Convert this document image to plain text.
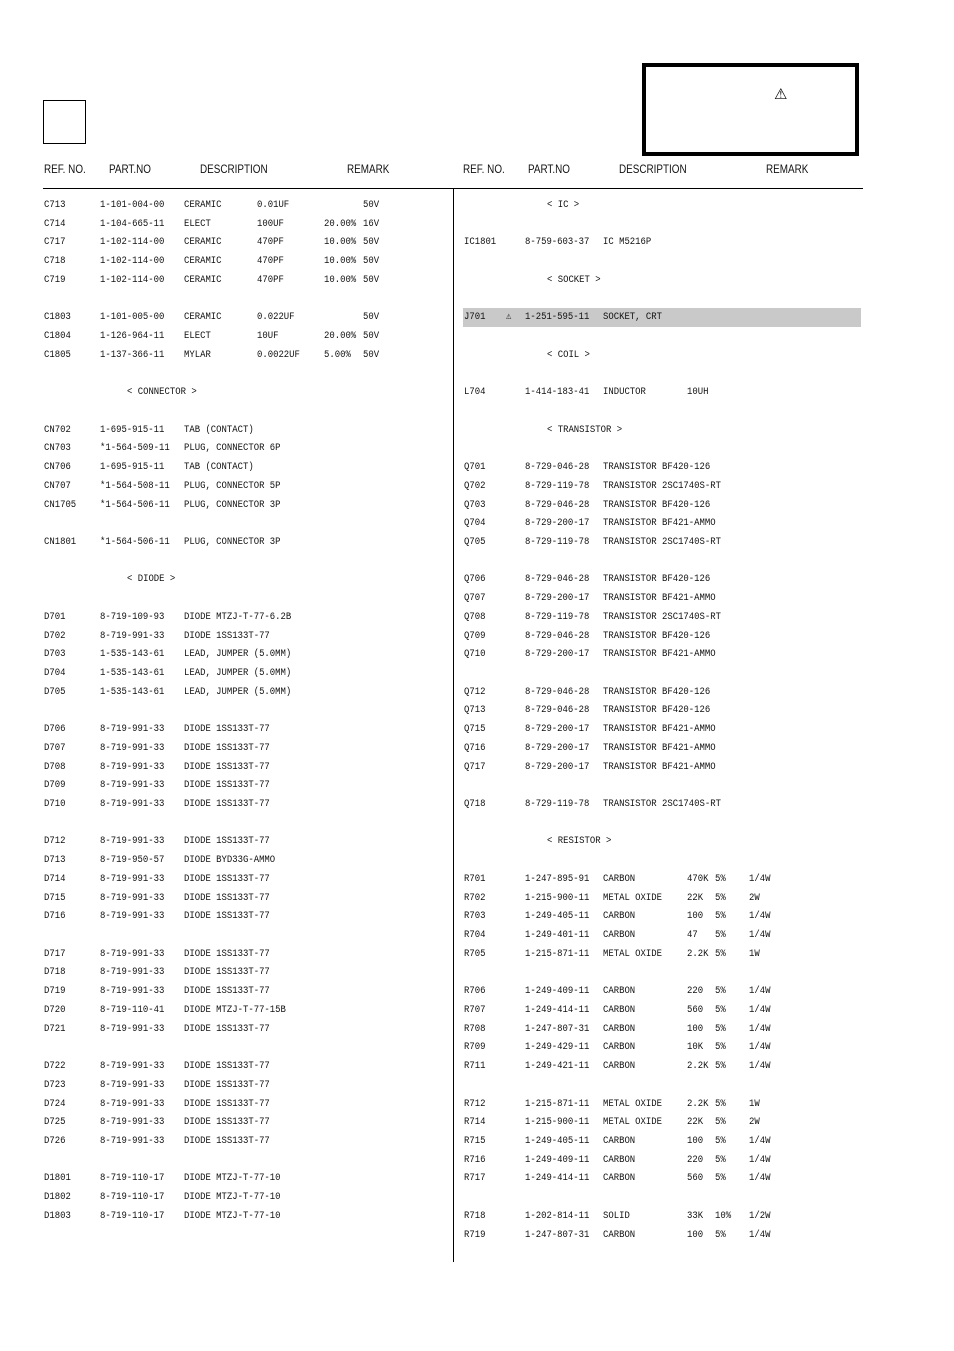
⚠
REF. NO. PART.NO	DESCRIPTION	REMARK	REF. NO. PART.NO	DESCRIPTION	REMARK
C713	1-101-004-00 CERAMIC	0.01UF	50V
C714	1-104-665-11 ELECT	100UF	20.00% 16V
C717	1-102-114-00 CERAMIC	470PF	10.00% 50V
C718	1-102-114-00 CERAMIC	470PF	10.00% 50V
C719	1-102-114-00 CERAMIC	470PF	10.00% 50V
C1803	1-101-005-00 CERAMIC	0.022UF	50V
C1804	1-126-964-11 ELECT	10UF	20.00% 50V
C1805	1-137-366-11 MYLAR	0.0022UF 5.00% 50V
< CONNECTOR >
CN702	1-695-915-11 TAB (CONTACT)
CN703	*1-564-509-11 PLUG, CONNECTOR 6P
CN706	1-695-915-11 TAB (CONTACT)
CN707	*1-564-508-11 PLUG, CONNECTOR 5P
CN1705 *1-564-506-11 PLUG, CONNECTOR 3P
CN1801 *1-564-506-11 PLUG, CONNECTOR 3P
< DIODE >
D701	8-719-109-93 DIODE MTZJ-T-77-6.2B
D702	8-719-991-33 DIODE 1SS133T-77
D703	1-535-143-61 LEAD, JUMPER (5.0MM)
D704	1-535-143-61 LEAD, JUMPER (5.0MM)
D705	1-535-143-61 LEAD, JUMPER (5.0MM)
D706	8-719-991-33 DIODE 1SS133T-77
D707	8-719-991-33 DIODE 1SS133T-77
D708	8-719-991-33 DIODE 1SS133T-77
D709	8-719-991-33 DIODE 1SS133T-77
D710	8-719-991-33 DIODE 1SS133T-77
D712	8-719-991-33 DIODE 1SS133T-77
D713	8-719-950-57 DIODE BYD33G-AMMO
D714	8-719-991-33 DIODE 1SS133T-77
D715	8-719-991-33 DIODE 1SS133T-77
D716	8-719-991-33 DIODE 1SS133T-77
D717	8-719-991-33 DIODE 1SS133T-77
D718	8-719-991-33 DIODE 1SS133T-77
D719	8-719-991-33 DIODE 1SS133T-77
D720	8-719-110-41 DIODE MTZJ-T-77-15B
D721	8-719-991-33 DIODE 1SS133T-77
D722	8-719-991-33 DIODE 1SS133T-77
D723	8-719-991-33 DIODE 1SS133T-77
D724	8-719-991-33 DIODE 1SS133T-77
D725	8-719-991-33 DIODE 1SS133T-77
D726	8-719-991-33 DIODE 1SS133T-77
D1801	8-719-110-17 DIODE MTZJ-T-77-10
D1802	8-719-110-17 DIODE MTZJ-T-77-10
D1803	8-719-110-17 DIODE MTZJ-T-77-10
< IC >
IC1801	8-759-603-37 IC M5216P
< SOCKET >
J701 ⚠ 1-251-595-11 SOCKET, CRT
< COIL >
L704	1-414-183-41 INDUCTOR	10UH
< TRANSISTOR >
Q701	8-729-046-28 TRANSISTOR BF420-126
Q702	8-729-119-78 TRANSISTOR 2SC1740S-RT
Q703	8-729-046-28 TRANSISTOR BF420-126
Q704	8-729-200-17 TRANSISTOR BF421-AMMO
Q705	8-729-119-78 TRANSISTOR 2SC1740S-RT
Q706	8-729-046-28 TRANSISTOR BF420-126
Q707	8-729-200-17 TRANSISTOR BF421-AMMO
Q708	8-729-119-78 TRANSISTOR 2SC1740S-RT
Q709	8-729-046-28 TRANSISTOR BF420-126
Q710	8-729-200-17 TRANSISTOR BF421-AMMO
Q712	8-729-046-28 TRANSISTOR BF420-126
Q713	8-729-046-28 TRANSISTOR BF420-126
Q715	8-729-200-17 TRANSISTOR BF421-AMMO
Q716	8-729-200-17 TRANSISTOR BF421-AMMO
Q717	8-729-200-17 TRANSISTOR BF421-AMMO
Q718	8-729-119-78 TRANSISTOR 2SC1740S-RT
< RESISTOR >
R701	1-247-895-91 CARBON	470K 5% 1/4W
R702	1-215-900-11 METAL OXIDE 22K 5% 2W
R703	1-249-405-11 CARBON	100 5% 1/4W
R704	1-249-401-11 CARBON	47 5% 1/4W
R705	1-215-871-11 METAL OXIDE 2.2K 5% 1W
R706	1-249-409-11 CARBON	220 5% 1/4W
R707	1-249-414-11 CARBON	560 5% 1/4W
R708	1-247-807-31 CARBON	100 5% 1/4W
R709	1-249-429-11 CARBON	10K 5% 1/4W
R711	1-249-421-11 CARBON	2.2K 5% 1/4W
R712	1-215-871-11 METAL OXIDE 2.2K 5% 1W
R714	1-215-900-11 METAL OXIDE 22K 5% 2W
R715	1-249-405-11 CARBON	100 5% 1/4W
R716	1-249-409-11 CARBON	220 5% 1/4W
R717	1-249-414-11 CARBON	560 5% 1/4W
R718	1-202-814-11 SOLID	33K 10% 1/2W
R719	1-247-807-31 CARBON	100 5% 1/4W
